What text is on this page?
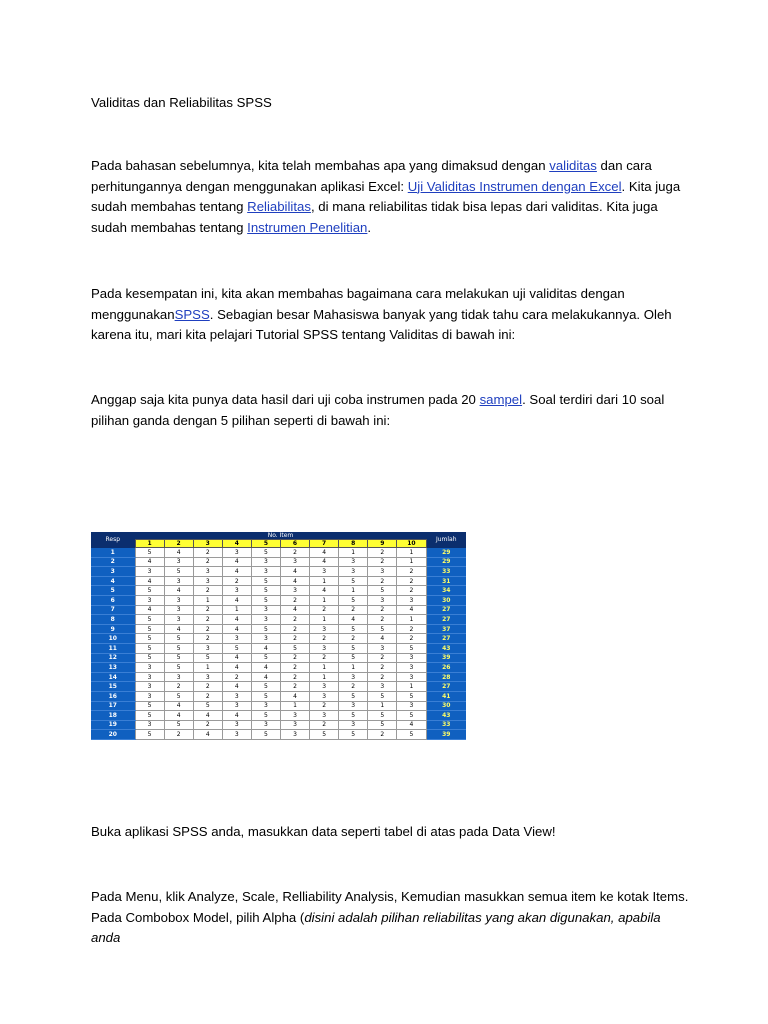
Validitas dan Reliabilitas SPSS

Pada bahasan sebelumnya, kita telah membahas apa yang dimaksud dengan validitas dan cara perhitungannya dengan menggunakan aplikasi Excel: Uji Validitas Instrumen dengan Excel. Kita juga sudah membahas tentang Reliabilitas, di mana reliabilitas tidak bisa lepas dari validitas. Kita juga sudah membahas tentang Instrumen Penelitian.

Pada kesempatan ini, kita akan membahas bagaimana cara melakukan uji validitas dengan menggunakanSPSS. Sebagian besar Mahasiswa banyak yang tidak tahu cara melakukannya. Oleh karena itu, mari kita pelajari Tutorial SPSS tentang Validitas di bawah ini:

Anggap saja kita punya data hasil dari uji coba instrumen pada 20 sampel. Soal terdiri dari 10 soal pilihan ganda dengan 5 pilihan seperti di bawah ini:

Resp	No. Item										Jumlah
	1	2	3	4	5	6	7	8	9	10	
1	5	4	2	3	5	2	4	1	2	1	29
2	4	3	2	4	3	3	4	3	2	1	29
3	3	5	3	4	3	4	3	3	3	2	33
4	4	3	3	2	5	4	1	5	2	2	31
5	5	4	2	3	5	3	4	1	5	2	34
6	3	3	1	4	5	2	1	5	3	3	30
7	4	3	2	1	3	4	2	2	2	4	27
8	5	3	2	4	3	2	1	4	2	1	27
9	5	4	2	4	5	2	3	5	5	2	37
10	5	5	2	3	3	2	2	2	4	2	27
11	5	5	3	5	4	5	3	5	3	5	43
12	5	5	5	4	5	2	2	5	2	3	39
13	3	5	1	4	4	2	1	1	2	3	26
14	3	3	3	2	4	2	1	3	2	3	28
15	3	2	2	4	5	2	3	2	3	1	27
16	3	5	2	3	5	4	3	5	5	5	41
17	5	4	5	3	3	1	2	3	1	3	30
18	5	4	4	4	5	3	3	5	5	5	43
19	3	5	2	3	3	3	2	3	5	4	33
20	5	2	4	3	5	3	5	5	2	5	39

Buka aplikasi SPSS anda, masukkan data seperti tabel di atas pada Data View!

Pada Menu, klik Analyze, Scale, Relliability Analysis, Kemudian masukkan semua item ke kotak Items. Pada Combobox Model, pilih Alpha (disini adalah pilihan reliabilitas yang akan digunakan, apabila anda
